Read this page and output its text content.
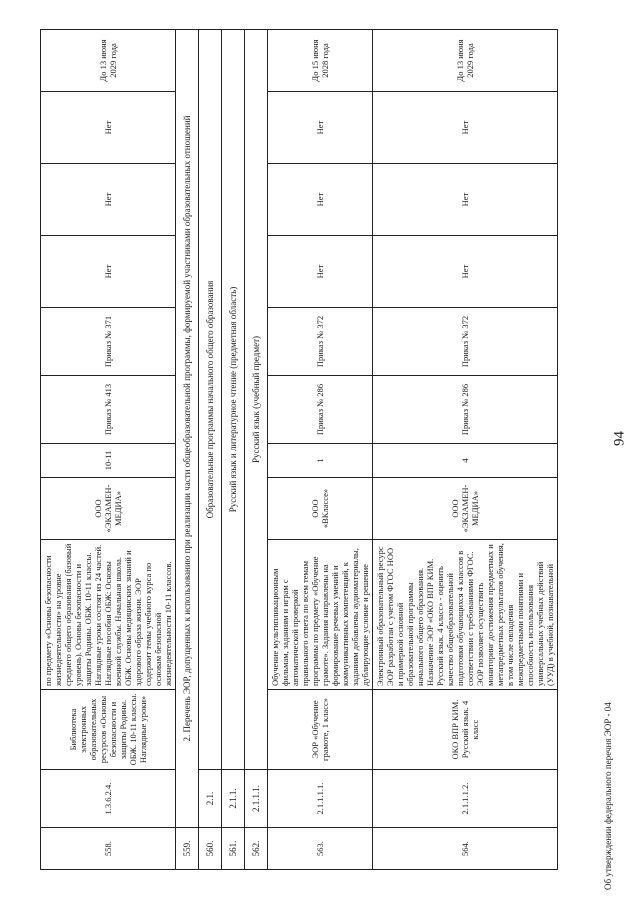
94
Об утверждении федерального перечня ЭОР - 04
558.	1.3.6.2.4.	Библиотека электронных образовательных ресурсов «Основы безопасности и защиты Родины. ОБЖ. 10-11 классы. Наглядные уроки»	по предмету «Основы безопасности жизнедеятельности» на уровне среднего общего образования (базовый уровень). Основы безопасности и защиты Родины. ОБЖ. 10-11 классы. Наглядные уроки состоят из 24 частей. Наглядные пособия ОБЖ: Основы военной службы. Начальная школа. ОБЖ. Основы медицинских знаний и здорового образа жизни. ЭОР содержит темы учебного курса по основам безопасной жизнедеятельности 10-11 классов.	ООО «ЭКЗАМЕН-МЕДИА»	10-11	Приказ № 413	Приказ № 371	Нет	Нет	Нет	До 13 июня 2029 года
559.	2. Перечень ЭОР, допущенных к использованию при реализации части общеобразовательной программы, формируемой участниками образовательных отношений										
560.	2.1.	Образовательные программы начального общего образования									
561.	2.1.1.	Русский язык и литературное чтение (предметная область)									
562.	2.1.1.1.	Русский язык (учебный предмет)									
563.	2.1.1.1.1.	ЭОР «Обучение грамоте, 1 класс»	Обучение мультипликационным фильмам, заданиям и играм с автоматической проверкой правильного ответа по всем темам программы по предмету «Обучение грамоте». Задания направлены на формирование речевых умений и коммуникативных компетенций, к заданиям добавлены аудиоматериалы, дублирующие условие и решение	ООО «ВКлассе»	1	Приказ № 286	Приказ № 372	Нет	Нет	Нет	До 15 июня 2028 года
564.	2.1.1.1.2.	ОКО ВПР КИМ. Русский язык. 4 класс	Электронный образовательный ресурс ЭОР разработан с учетом ФГОС НОО и примерной основной образовательной программы начального общего образования. Назначение ЭОР «ОКО ВПР КИМ. Русский язык. 4 класс» - оценить качество общеобразовательной подготовки обучающихся 4 классов в соответствии с требованиями ФГОС. ЭОР позволяет осуществить мониторинг достижения предметных и метапредметных результатов обучения, в том числе овладения межпредметными понятиями и способность использования универсальных учебных действий (УУД) в учебной, познавательной	ООО «ЭКЗАМЕН-МЕДИА»	4	Приказ № 286	Приказ № 372	Нет	Нет	Нет	До 13 июня 2029 года
